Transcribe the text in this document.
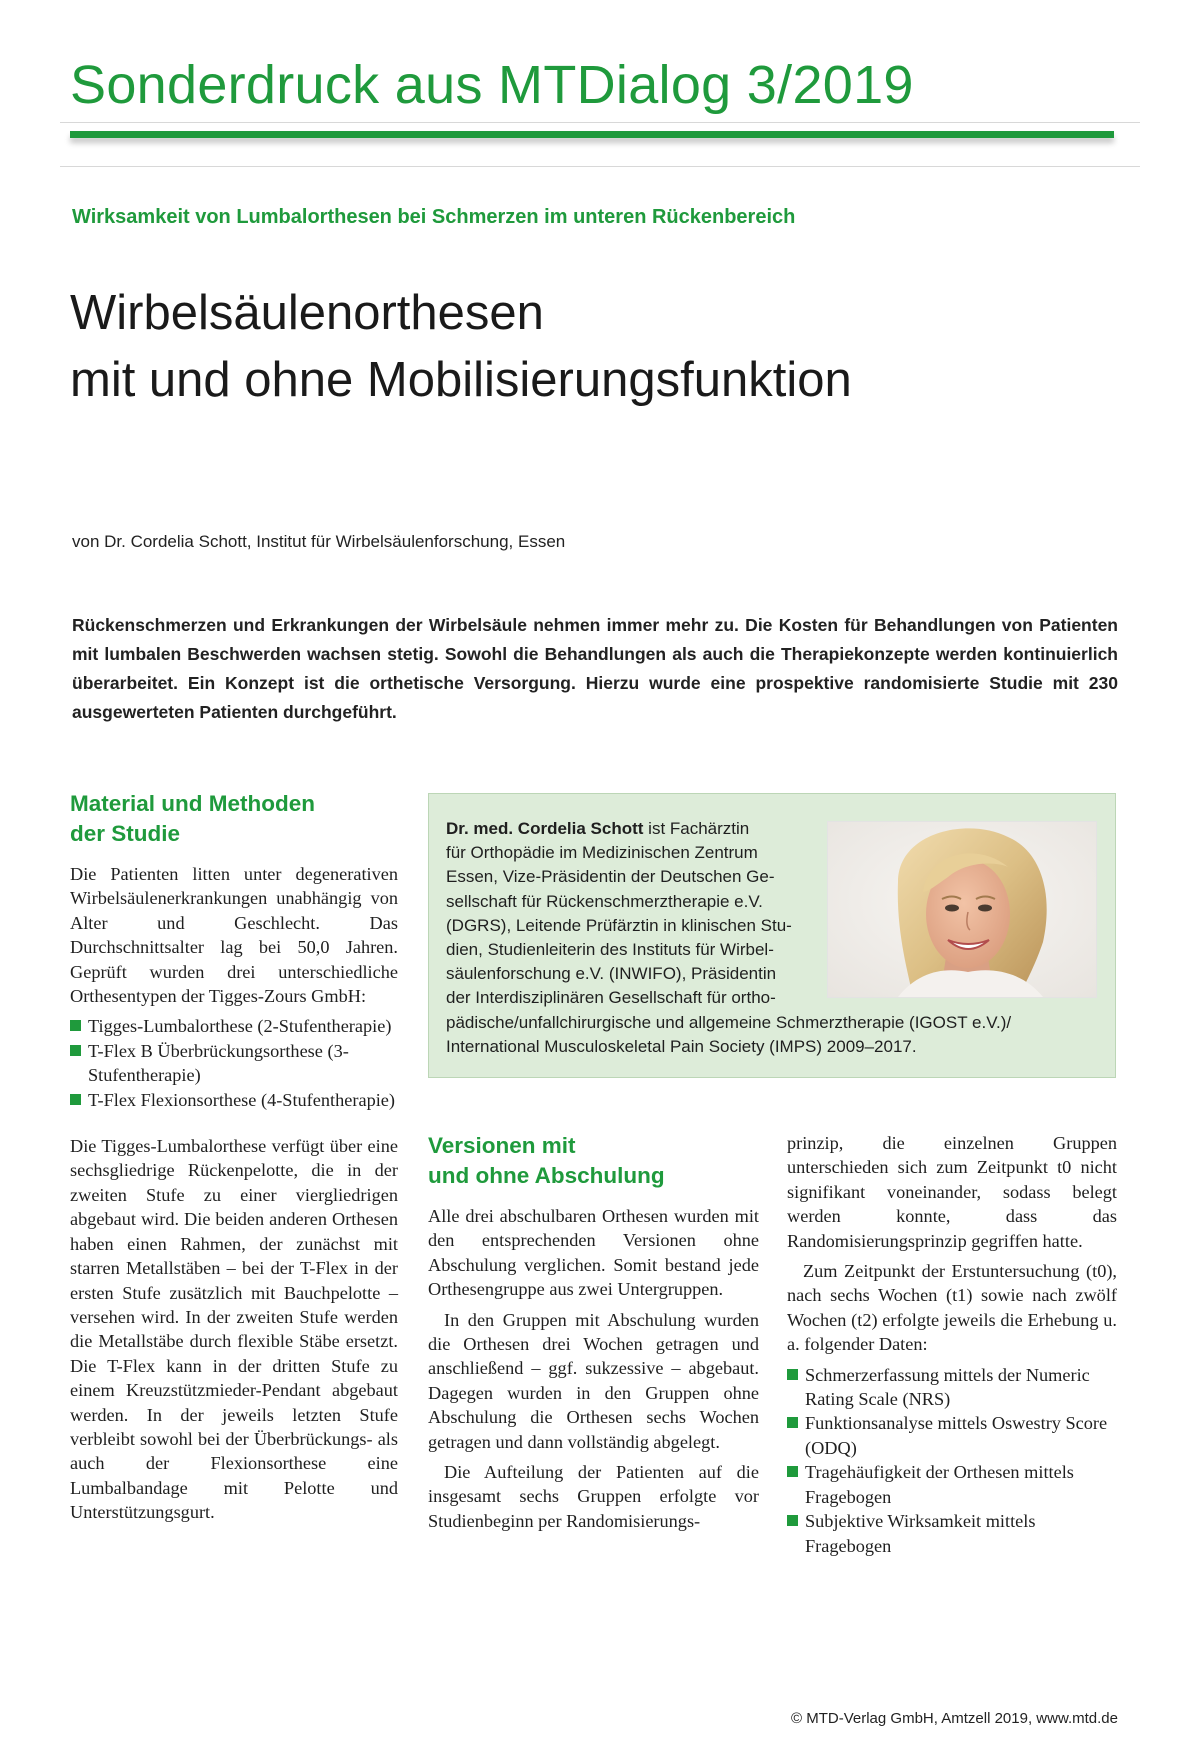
Sonderdruck aus MTDialog 3/2019
Wirksamkeit von Lumbalorthesen bei Schmerzen im unteren Rückenbereich
Wirbelsäulenorthesen
mit und ohne Mobilisierungsfunktion
von Dr. Cordelia Schott, Institut für Wirbelsäulenforschung, Essen

Rückenschmerzen und Erkrankungen der Wirbelsäule nehmen immer mehr zu. Die Kosten für Behandlungen von Patienten mit lumbalen Beschwerden wachsen stetig. Sowohl die Behandlungen als auch die Therapiekonzepte werden kontinuierlich überarbeitet. Ein Konzept ist die orthetische Versorgung. Hierzu wurde eine prospektive randomisierte Studie mit 230 ausgewerteten Patienten durchgeführt.

Material und Methoden
der Studie

Die Patienten litten unter degenerativen Wirbelsäulenerkrankungen unabhängig von Alter und Geschlecht. Das Durchschnittsalter lag bei 50,0 Jahren. Geprüft wurden drei unterschiedliche Orthesentypen der Tigges-Zours GmbH:

Tigges-Lumbalorthese (2-Stufentherapie)
T-Flex B Überbrückungsorthese (3-Stufentherapie)
T-Flex Flexionsorthese (4-Stufentherapie)

Die Tigges-Lumbalorthese verfügt über eine sechsgliedrige Rückenpelotte, die in der zweiten Stufe zu einer viergliedrigen abgebaut wird. Die beiden anderen Orthesen haben einen Rahmen, der zunächst mit starren Metallstäben – bei der T-Flex in der ersten Stufe zusätzlich mit Bauchpelotte – versehen wird. In der zweiten Stufe werden die Metallstäbe durch flexible Stäbe ersetzt. Die T-Flex kann in der dritten Stufe zu einem Kreuzstützmieder-Pendant abgebaut werden. In der jeweils letzten Stufe verbleibt sowohl bei der Überbrückungs- als auch der Flexionsorthese eine Lumbalbandage mit Pelotte und Unterstützungsgurt.

Dr. med. Cordelia Schott ist Fachärztin
für Orthopädie im Medizinischen Zentrum
Essen, Vize-Präsidentin der Deutschen Ge-
sellschaft für Rückenschmerztherapie e.V.
(DGRS), Leitende Prüfärztin in klinischen Stu-
dien, Studienleiterin des Instituts für Wirbel-
säulenforschung e.V. (INWIFO), Präsidentin
der Interdisziplinären Gesellschaft für ortho-
pädische/unfallchirurgische und allgemeine Schmerztherapie (IGOST e.V.)/
International Musculoskeletal Pain Society (IMPS) 2009–2017.
Versionen mit
und ohne Abschulung

Alle drei abschulbaren Orthesen wurden mit den entsprechenden Versionen ohne Abschulung verglichen. Somit bestand jede Orthesengruppe aus zwei Untergruppen.

In den Gruppen mit Abschulung wurden die Orthesen drei Wochen getragen und anschließend – ggf. sukzessive – abgebaut. Dagegen wurden in den Gruppen ohne Abschulung die Orthesen sechs Wochen getragen und dann vollständig abgelegt.

Die Aufteilung der Patienten auf die insgesamt sechs Gruppen erfolgte vor Studienbeginn per Randomisierungs-

prinzip, die einzelnen Gruppen unterschieden sich zum Zeitpunkt t0 nicht signifikant voneinander, sodass belegt werden konnte, dass das Randomisierungsprinzip gegriffen hatte.

Zum Zeitpunkt der Erstuntersuchung (t0), nach sechs Wochen (t1) sowie nach zwölf Wochen (t2) erfolgte jeweils die Erhebung u. a. folgender Daten:

Schmerzerfassung mittels der Numeric Rating Scale (NRS)
Funktionsanalyse mittels Oswestry Score (ODQ)
Tragehäufigkeit der Orthesen mittels Fragebogen
Subjektive Wirksamkeit mittels Fragebogen
© MTD-Verlag GmbH, Amtzell 2019, www.mtd.de
